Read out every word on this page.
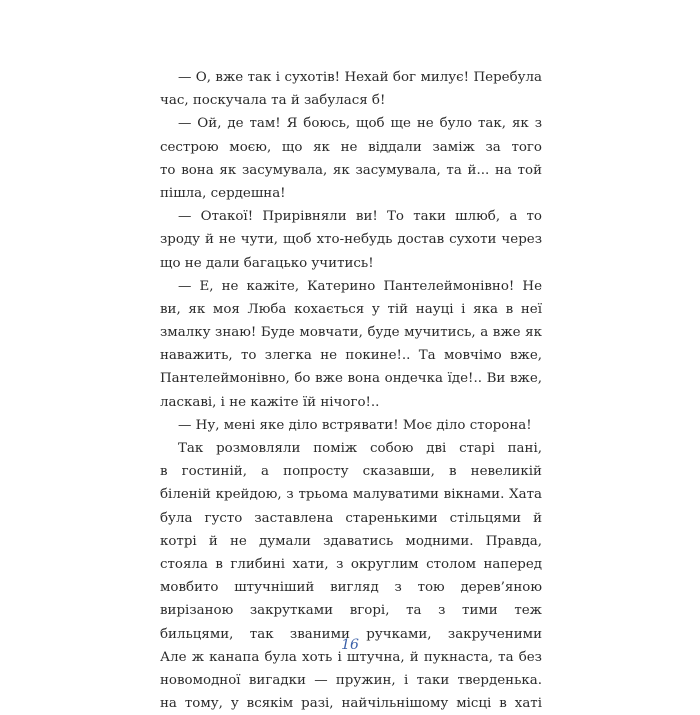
— О, вже так і сухотів! Нехай бог милує! Перебула
час, поскучала та й забулася б!
— Ой, де там! Я боюсь, щоб ще не було так, як з
сестрою моєю, що як не віддали заміж за того
то вона як засумувала, як засумувала, та й... на той
пішла, сердешна!
— Отакої! Прирівняли ви! То таки шлюб, а то
зроду й не чути, щоб хто-небудь достав сухоти через
що не дали багацько учитись!
— Е, не кажіте, Катерино Пантелеймонівно! Не
ви, як моя Люба кохається у тій науці і яка в неї
змалку знаю! Буде мовчати, буде мучитись, а вже як
наважить, то злегка не покине!.. Та мовчімо вже,
Пантелеймонівно, бо вже вона ондечка їде!.. Ви вже,
ласкаві, і не кажіте їй нічого!..
— Ну, мені яке діло встрявати! Моє діло сторона!
Так розмовляли поміж собою дві старі пані,
в гостиній, а попросту сказавши, в невеликій
біленій крейдою, з трьома малуватими вікнами. Хата
була густо заставлена старенькими стільцями й
котрі й не думали здаватись модними. Правда,
стояла в глибині хати, з округлим столом наперед
мовбито штучніший вигляд з тою дерев’яною
вирізаною закрутками вгорі, та з тими теж
бильцями, так званими ручками, закрученими
Але ж канапа була хоть і штучна, й пукнаста, та без
новомодної вигадки — пружин, і таки тверденька.
на тому, у всякім разі, найчільнішому місці в хаті
16
